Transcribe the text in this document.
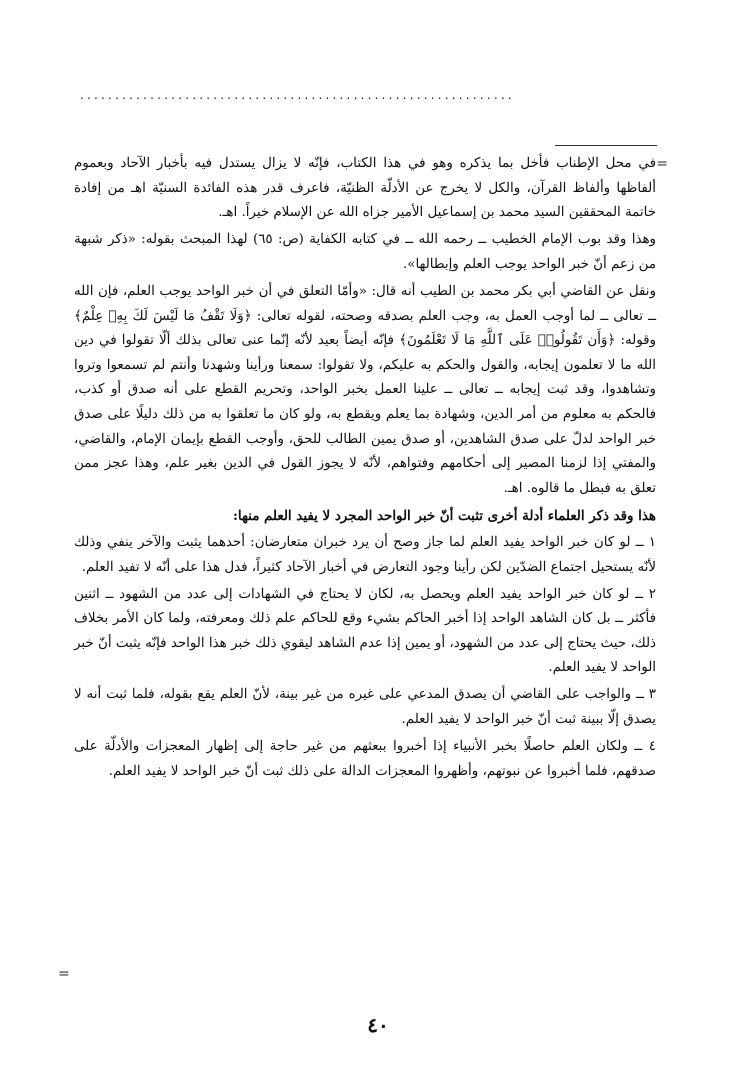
..............................................................
=

في محل الإطناب فأخل بما يذكره وهو في هذا الكتاب، فإنّه لا يزال يستدل فيه بأخبار الآحاد وبعموم ألفاظها وألفاظ القرآن، والكل لا يخرج عن الأدلّة الظنيّة، فاعرف قدر هذه الفائدة السنيّة اهـ من إفادة خاتمة المحققين السيد محمد بن إسماعيل الأمير جزاه الله عن الإسلام خيراً. اهـ.

وهذا وقد بوب الإمام الخطيب ــ رحمه الله ــ في كتابه الكفاية (ص: ٦٥) لهذا المبحث بقوله: «ذكر شبهة من زعم أنّ خبر الواحد يوجب العلم وإبطالها».

ونقل عن القاضي أبي بكر محمد بن الطيب أنه قال: «وأمّا التعلق في أن خبر الواحد يوجب العلم، فإن الله ــ تعالى ــ لما أوجب العمل به، وجب العلم بصدقه وصحته، لقوله تعالى: ﴿وَلَا تَقْفُ مَا لَيْسَ لَكَ بِهِۦ عِلْمٌ﴾ وقوله: ﴿وَأَن تَقُولُوا۟ عَلَى ٱللَّهِ مَا لَا تَعْلَمُونَ﴾ فإنّه أيضاً بعيد لأنّه إنّما عنى تعالى بذلك ألّا تقولوا في دين الله ما لا تعلمون إيجابه، والقول والحكم به عليكم، ولا تقولوا: سمعنا ورأينا وشهدنا وأنتم لم تسمعوا وتروا وتشاهدوا، وقد ثبت إيجابه ــ تعالى ــ علينا العمل بخبر الواحد، وتحريم القطع على أنه صدق أو كذب، فالحكم به معلوم من أمر الدين، وشهادة بما يعلم ويقطع به، ولو كان ما تعلقوا به من ذلك دليلًا على صدق خبر الواحد لدلّ على صدق الشاهدين، أو صدق يمين الطالب للحق، وأوجب القطع بإيمان الإمام، والقاضي، والمفتي إذا لزمنا المصير إلى أحكامهم وفتواهم، لأنّه لا يجوز القول في الدين بغير علم، وهذا عجز ممن تعلق به فبطل ما قالوه. اهـ.

هذا وقد ذكر العلماء أدلة أخرى تثبت أنّ خبر الواحد المجرد لا يفيد العلم منها:

١ ــ لو كان خبر الواحد يفيد العلم لما جاز وصح أن يرد خبران متعارضان: أحدهما يثبت والآخر ينفي وذلك لأنّه يستحيل اجتماع الضدّين لكن رأينا وجود التعارض في أخبار الآحاد كثيراً، فدل هذا على أنّه لا تفيد العلم.

٢ ــ لو كان خبر الواحد يفيد العلم ويحصل به، لكان لا يحتاج في الشهادات إلى عدد من الشهود ــ اثنين فأكثر ــ بل كان الشاهد الواحد إذا أخبر الحاكم بشيء وقع للحاكم علم ذلك ومعرفته، ولما كان الأمر بخلاف ذلك، حيث يحتاج إلى عدد من الشهود، أو يمين إذا عدم الشاهد ليقوي ذلك خبر هذا الواحد فإنّه يثبت أنّ خبر الواحد لا يفيد العلم.

٣ ــ والواجب على القاضي أن يصدق المدعي على غيره من غير بينة، لأنّ العلم يقع بقوله، فلما ثبت أنه لا يصدق إلّا ببينة ثبت أنّ خبر الواحد لا يفيد العلم.

٤ ــ ولكان العلم حاصلًا بخبر الأنبياء إذا أخبروا ببعثهم من غير حاجة إلى إظهار المعجزات والأدلّة على صدقهم، فلما أخبروا عن نبوتهم، وأظهروا المعجزات الدالة على ذلك ثبت أنّ خبر الواحد لا يفيد العلم.

=
٤٠
